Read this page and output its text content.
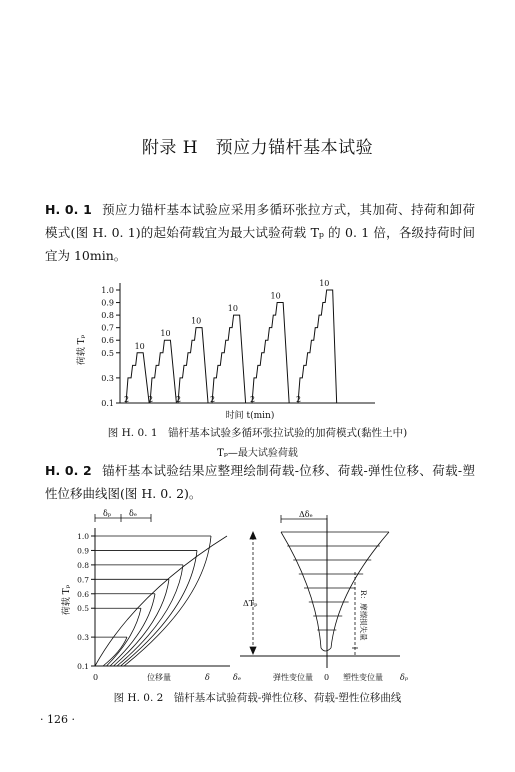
附录 H　预应力锚杆基本试验
H. 0. 1 预应力锚杆基本试验应采用多循环张拉方式，其加荷、持荷和卸荷模式(图 H. 0. 1)的起始荷载宜为最大试验荷载 Tₚ 的 0. 1 倍，各级持荷时间宜为 10min。
1.0
0.9
0.8
0.7
0.6
0.5
0.3
0.1
10
2
10
2
10
2
10
2
10
2
10
2
荷载 Tₚ
时间 t(min)
图 H. 0. 1　锚杆基本试验多循环张拉试验的加荷模式(黏性土中)
Tₚ—最大试验荷载
H. 0. 2 锚杆基本试验结果应整理绘制荷载-位移、荷载-弹性位移、荷载-塑性位移曲线图(图 H. 0. 2)。
1.0
0.9
0.8
0.7
0.6
0.5
0.3
0.1
δₚ δₑ
荷载 Tₚ
0	位移量	δ
ΔTₚ
Δδₑ
R：摩擦损失量
δₑ	弹性变位量 0 塑性变位量 δₚ
图 H. 0. 2　锚杆基本试验荷载-弹性位移、荷载-塑性位移曲线
· 126 ·
